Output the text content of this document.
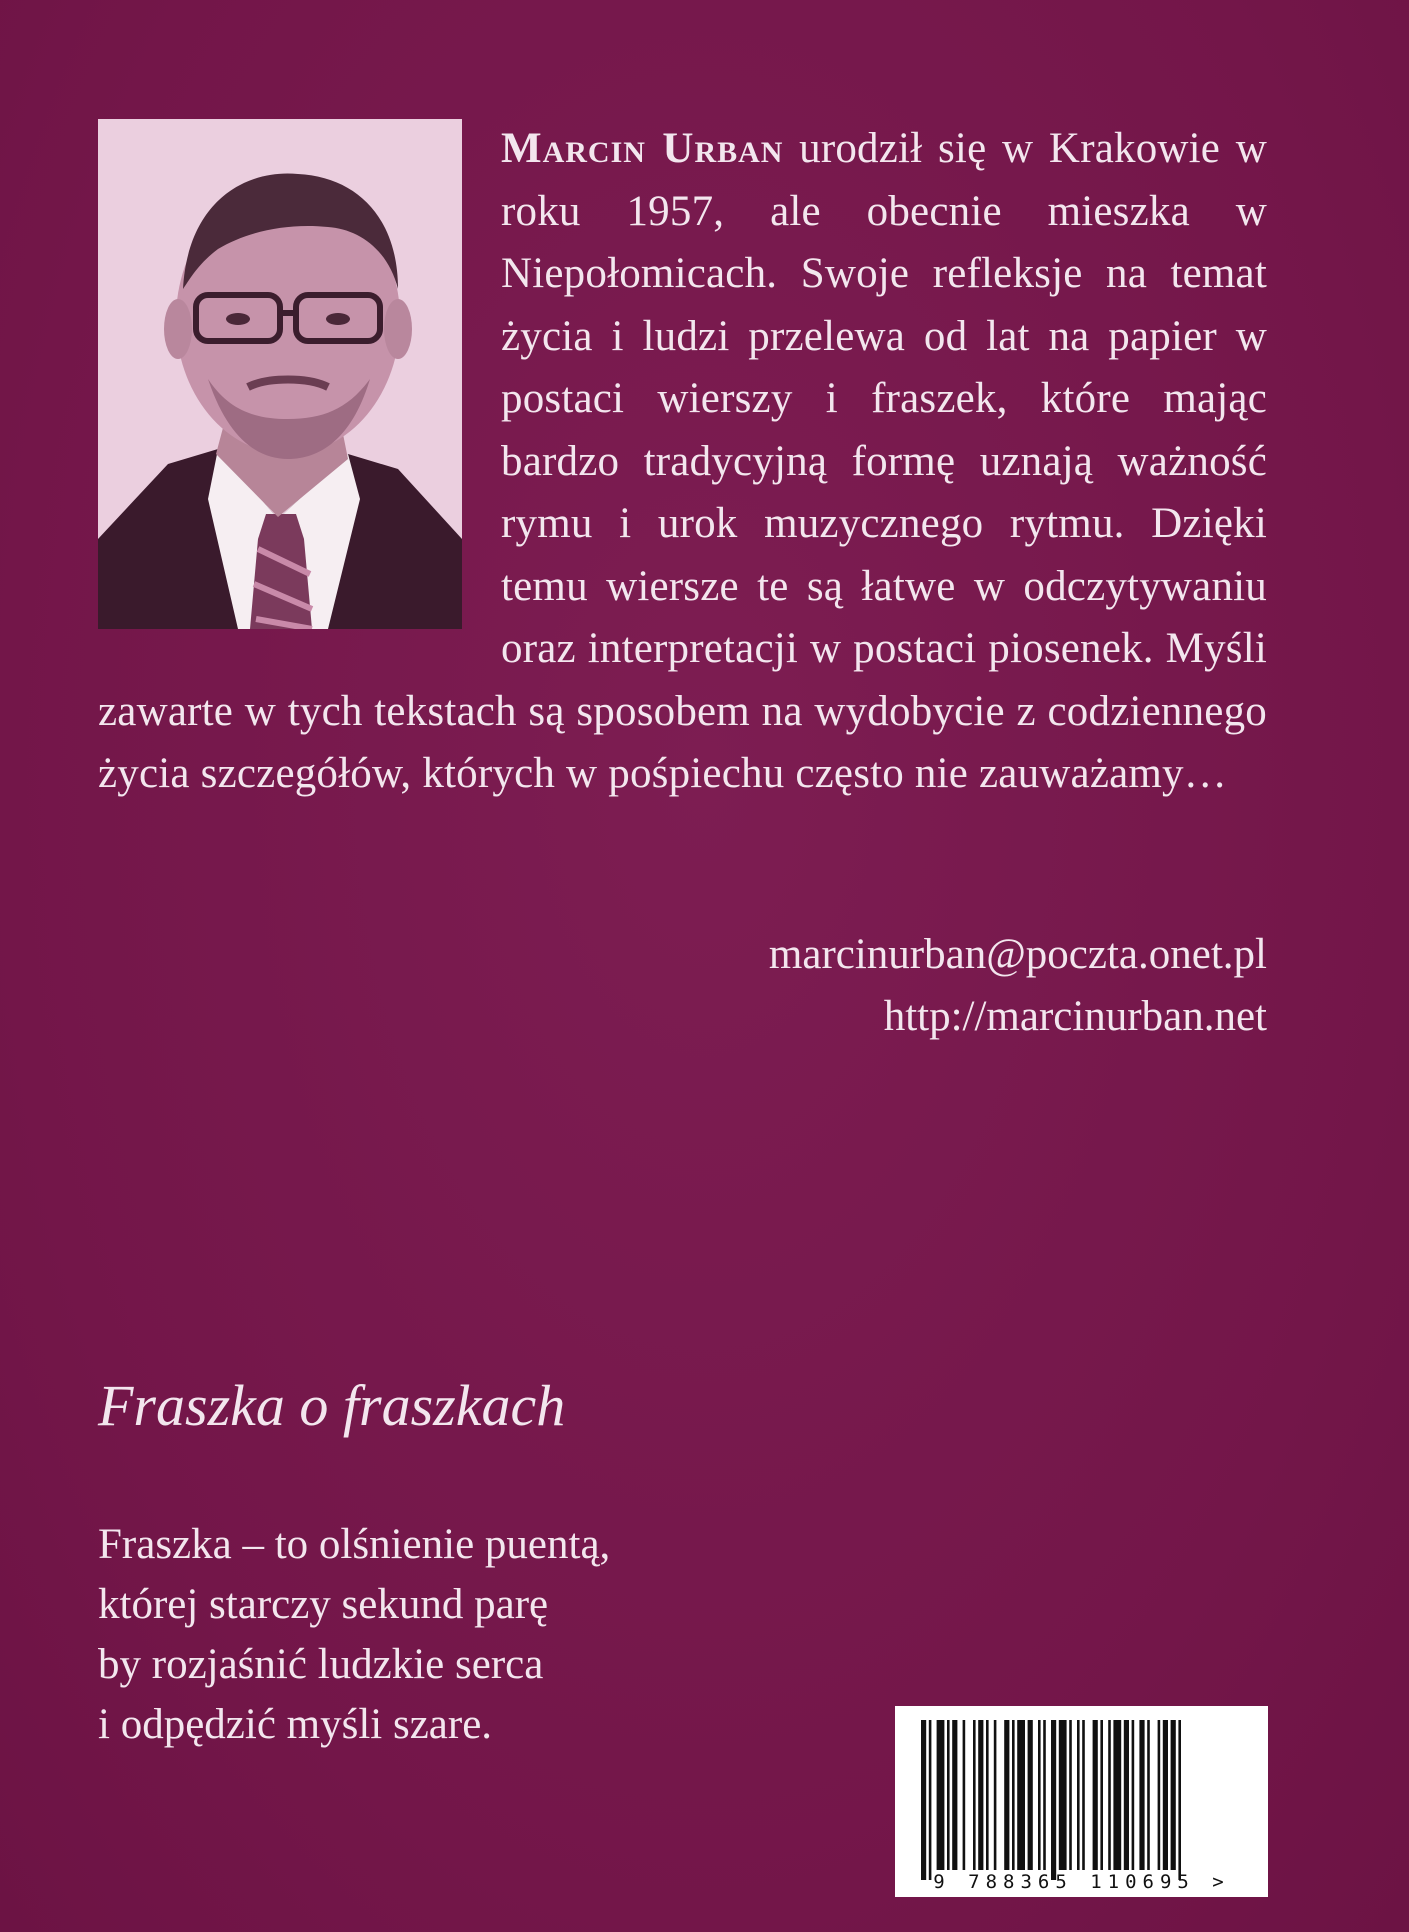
Marcin Urban urodził się w Krakowie w roku 1957, ale obecnie mieszka w Niepołomicach. Swoje refleksje na temat życia i ludzi przelewa od lat na papier w postaci wierszy i fraszek, które mając bardzo tradycyjną formę uznają ważność rymu i urok muzycznego rytmu. Dzięki temu wiersze te są łatwe w odczytywaniu oraz interpretacji w postaci piosenek. Myśli zawarte w tych tekstach są sposobem na wydobycie z codziennego życia szczegółów, których w pośpiechu często nie zauważamy…
marcinurban@poczta.onet.pl
http://marcinurban.net
Fraszka o fraszkach
Fraszka – to olśnienie puentą,
której starczy sekund parę
by rozjaśnić ludzkie serca
i odpędzić myśli szare.
9 788365 110695 >
